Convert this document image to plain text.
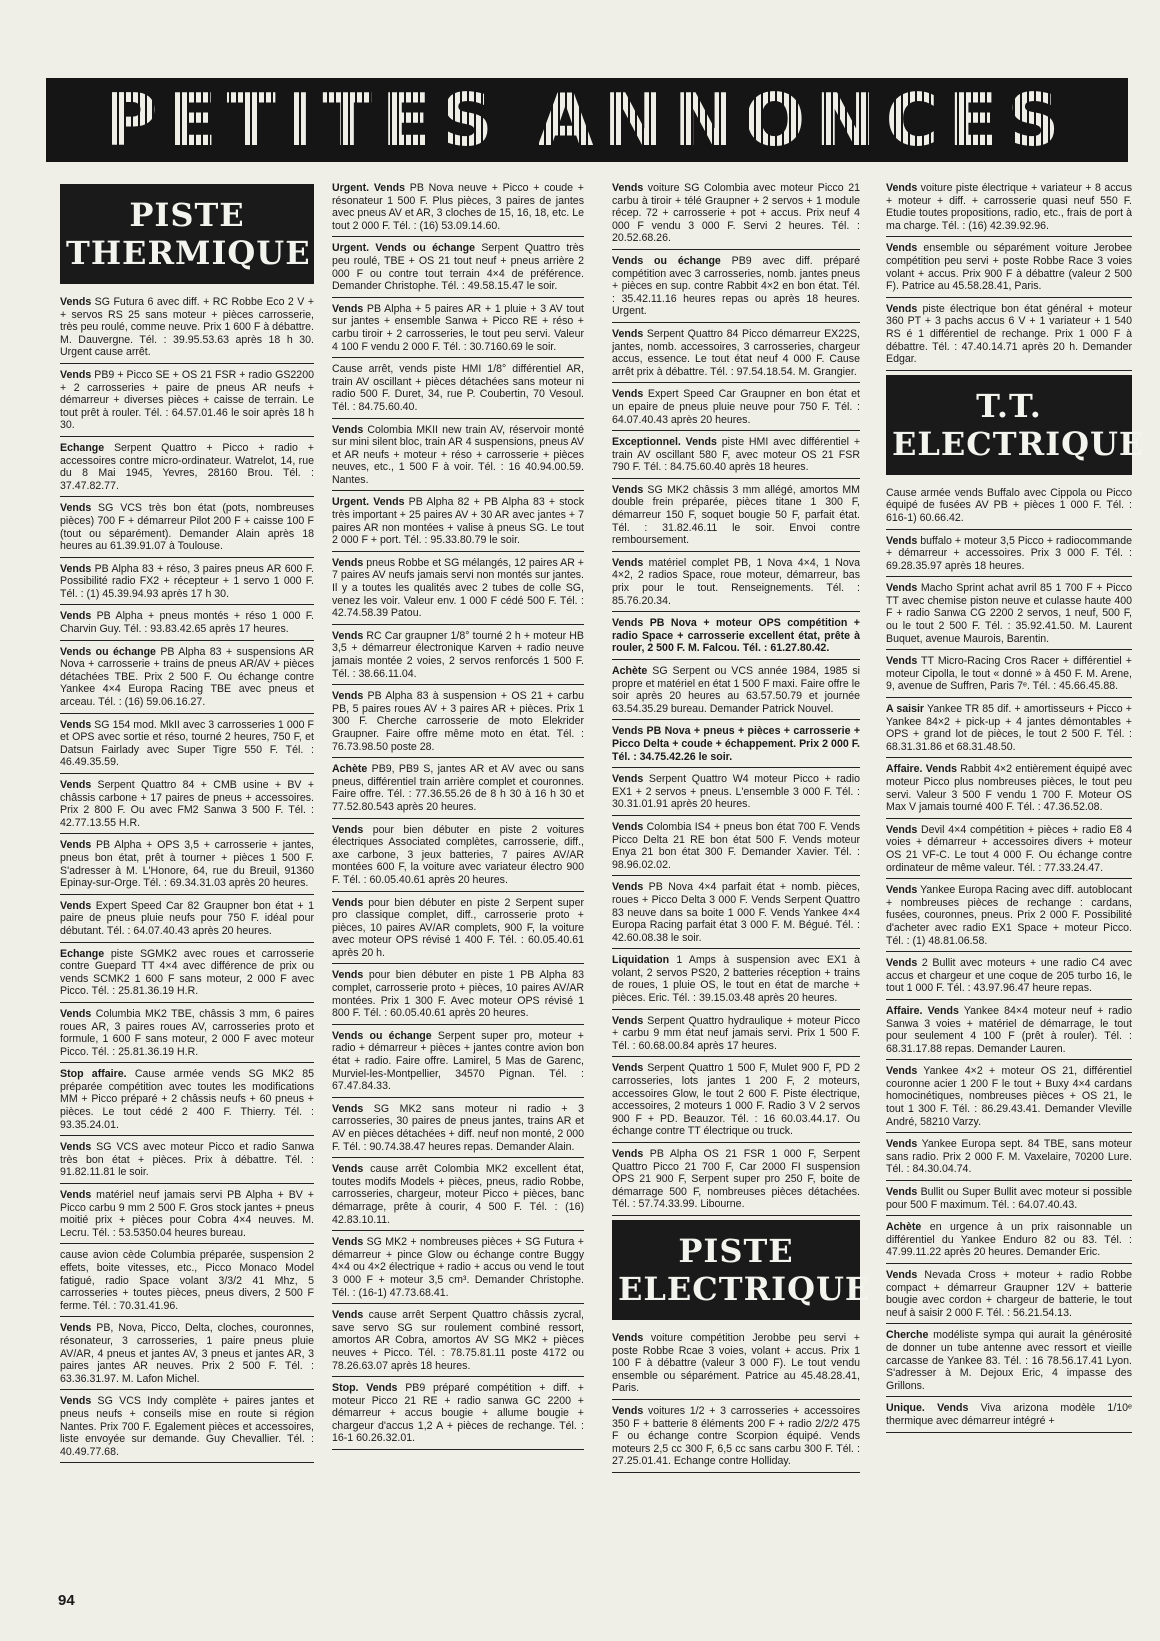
PETITES ANNONCES
PISTE THERMIQUE
Vends SG Futura 6 avec diff. + RC Robbe Eco 2 V + + servos RS 25 sans moteur + pièces carrosserie, très peu roulé, comme neuve. Prix 1 600 F à débattre. M. Dauvergne. Tél. : 39.95.53.63 après 18 h 30. Urgent cause arrêt.
Vends PB9 + Picco SE + OS 21 FSR + radio GS2200 + 2 carrosseries + paire de pneus AR neufs + démarreur + diverses pièces + caisse de terrain. Le tout prêt à rouler. Tél. : 64.57.01.46 le soir après 18 h 30.
Echange Serpent Quattro + Picco + radio + accessoires contre micro-ordinateur. Watrelot, 14, rue du 8 Mai 1945, Yevres, 28160 Brou. Tél. : 37.47.82.77.
Vends SG VCS très bon état (pots, nombreuses pièces) 700 F + démarreur Pilot 200 F + caisse 100 F (tout ou séparément). Demander Alain après 18 heures au 61.39.91.07 à Toulouse.
Vends PB Alpha 83 + réso, 3 paires pneus AR 600 F. Possibilité radio FX2 + récepteur + 1 servo 1 000 F. Tél. : (1) 45.39.94.93 après 17 h 30.
Vends PB Alpha + pneus montés + réso 1 000 F. Charvin Guy. Tél. : 93.83.42.65 après 17 heures.
Vends ou échange PB Alpha 83 + suspensions AR Nova + carrosserie + trains de pneus AR/AV + pièces détachées TBE. Prix 2 500 F. Ou échange contre Yankee 4×4 Europa Racing TBE avec pneus et arceau. Tél. : (16) 59.06.16.27.
Vends SG 154 mod. MkII avec 3 carrosseries 1 000 F et OPS avec sortie et réso, tourné 2 heures, 750 F, et Datsun Fairlady avec Super Tigre 550 F. Tél. : 46.49.35.59.
Vends Serpent Quattro 84 + CMB usine + BV + châssis carbone + 17 paires de pneus + accessoires. Prix 2 800 F. Ou avec FM2 Sanwa 3 500 F. Tél. : 42.77.13.55 H.R.
Vends PB Alpha + OPS 3,5 + carrosserie + jantes, pneus bon état, prêt à tourner + pièces 1 500 F. S'adresser à M. L'Honore, 64, rue du Breuil, 91360 Epinay-sur-Orge. Tél. : 69.34.31.03 après 20 heures.
Vends Expert Speed Car 82 Graupner bon état + 1 paire de pneus pluie neufs pour 750 F. idéal pour débutant. Tél. : 64.07.40.43 après 20 heures.
Echange piste SGMK2 avec roues et carrosserie contre Guepard TT 4×4 avec différence de prix ou vends SCMK2 1 600 F sans moteur, 2 000 F avec Picco. Tél. : 25.81.36.19 H.R.
Vends Columbia MK2 TBE, châssis 3 mm, 6 paires roues AR, 3 paires roues AV, carrosseries proto et formule, 1 600 F sans moteur, 2 000 F avec moteur Picco. Tél. : 25.81.36.19 H.R.
Stop affaire. Cause armée vends SG MK2 85 préparée compétition avec toutes les modifications MM + Picco préparé + 2 châssis neufs + 60 pneus + pièces. Le tout cédé 2 400 F. Thierry. Tél. : 93.35.24.01.
Vends SG VCS avec moteur Picco et radio Sanwa très bon état + pièces. Prix à débattre. Tél. : 91.82.11.81 le soir.
Vends matériel neuf jamais servi PB Alpha + BV + Picco carbu 9 mm 2 500 F. Gros stock jantes + pneus moitié prix + pièces pour Cobra 4×4 neuves. M. Lecru. Tél. : 53.5350.04 heures bureau.
cause avion cède Columbia préparée, suspension 2 effets, boite vitesses, etc., Picco Monaco Model fatigué, radio Space volant 3/3/2 41 Mhz, 5 carrosseries + toutes pièces, pneus divers, 2 500 F ferme. Tél. : 70.31.41.96.
Vends PB, Nova, Picco, Delta, cloches, couronnes, résonateur, 3 carrosseries, 1 paire pneus pluie AV/AR, 4 pneus et jantes AV, 3 pneus et jantes AR, 3 paires jantes AR neuves. Prix 2 500 F. Tél. : 63.36.31.97. M. Lafon Michel.
Vends SG VCS Indy complète + paires jantes et pneus neufs + conseils mise en route si région Nantes. Prix 700 F. Egalement pièces et accessoires, liste envoyée sur demande. Guy Chevallier. Tél. : 40.49.77.68.
Urgent. Vends PB Nova neuve + Picco + coude + résonateur 1 500 F. Plus pièces, 3 paires de jantes avec pneus AV et AR, 3 cloches de 15, 16, 18, etc. Le tout 2 000 F. Tél. : (16) 53.09.14.60.
Urgent. Vends ou échange Serpent Quattro très peu roulé, TBE + OS 21 tout neuf + pneus arrière 2 000 F ou contre tout terrain 4×4 de préférence. Demander Christophe. Tél. : 49.58.15.47 le soir.
Vends PB Alpha + 5 paires AR + 1 pluie + 3 AV tout sur jantes + ensemble Sanwa + Picco RE + réso + carbu tiroir + 2 carrosseries, le tout peu servi. Valeur 4 100 F vendu 2 000 F. Tél. : 30.7160.69 le soir.
Cause arrêt, vends piste HMI 1/8° différentiel AR, train AV oscillant + pièces détachées sans moteur ni radio 500 F. Duret, 34, rue P. Coubertin, 70 Vesoul. Tél. : 84.75.60.40.
Vends Colombia MKII new train AV, réservoir monté sur mini silent bloc, train AR 4 suspensions, pneus AV et AR neufs + moteur + réso + carrosserie + pièces neuves, etc., 1 500 F à voir. Tél. : 16 40.94.00.59. Nantes.
Urgent. Vends PB Alpha 82 + PB Alpha 83 + stock très important + 25 paires AV + 30 AR avec jantes + 7 paires AR non montées + valise à pneus SG. Le tout 2 000 F + port. Tél. : 95.33.80.79 le soir.
Vends pneus Robbe et SG mélangés, 12 paires AR + 7 paires AV neufs jamais servi non montés sur jantes. Il y a toutes les qualités avec 2 tubes de colle SG, venez les voir. Valeur env. 1 000 F cédé 500 F. Tél. : 42.74.58.39 Patou.
Vends RC Car graupner 1/8° tourné 2 h + moteur HB 3,5 + démarreur électronique Karven + radio neuve jamais montée 2 voies, 2 servos renforcés 1 500 F. Tél. : 38.66.11.04.
Vends PB Alpha 83 à suspension + OS 21 + carbu PB, 5 paires roues AV + 3 paires AR + pièces. Prix 1 300 F. Cherche carrosserie de moto Elekrider Graupner. Faire offre même moto en état. Tél. : 76.73.98.50 poste 28.
Achète PB9, PB9 S, jantes AR et AV avec ou sans pneus, différentiel train arrière complet et couronnes. Faire offre. Tél. : 77.36.55.26 de 8 h 30 à 16 h 30 et 77.52.80.543 après 20 heures.
Vends pour bien débuter en piste 2 voitures électriques Associated complètes, carrosserie, diff., axe carbone, 3 jeux batteries, 7 paires AV/AR montées 600 F, la voiture avec variateur électro 900 F. Tél. : 60.05.40.61 après 20 heures.
Vends pour bien débuter en piste 2 Serpent super pro classique complet, diff., carrosserie proto + pièces, 10 paires AV/AR complets, 900 F, la voiture avec moteur OPS révisé 1 400 F. Tél. : 60.05.40.61 après 20 h.
Vends pour bien débuter en piste 1 PB Alpha 83 complet, carrosserie proto + pièces, 10 paires AV/AR montées. Prix 1 300 F. Avec moteur OPS révisé 1 800 F. Tél. : 60.05.40.61 après 20 heures.
Vends ou échange Serpent super pro, moteur + radio + démarreur + pièces + jantes contre avion bon état + radio. Faire offre. Lamirel, 5 Mas de Garenc, Murviel-les-Montpellier, 34570 Pignan. Tél. : 67.47.84.33.
Vends SG MK2 sans moteur ni radio + 3 carrosseries, 30 paires de pneus jantes, trains AR et AV en pièces détachées + diff. neuf non monté, 2 000 F. Tél. : 90.74.38.47 heures repas. Demander Alain.
Vends cause arrêt Colombia MK2 excellent état, toutes modifs Models + pièces, pneus, radio Robbe, carrosseries, chargeur, moteur Picco + pièces, banc démarrage, prête à courir, 4 500 F. Tél. : (16) 42.83.10.11.
Vends SG MK2 + nombreuses pièces + SG Futura + démarreur + pince Glow ou échange contre Buggy 4×4 ou 4×2 électrique + radio + accus ou vend le tout 3 000 F + moteur 3,5 cm³. Demander Christophe. Tél. : (16-1) 47.73.68.41.
Vends cause arrêt Serpent Quattro châssis zycral, save servo SG sur roulement combiné ressort, amortos AR Cobra, amortos AV SG MK2 + pièces neuves + Picco. Tél. : 78.75.81.11 poste 4172 ou 78.26.63.07 après 18 heures.
Stop. Vends PB9 préparé compétition + diff. + moteur Picco 21 RE + radio sanwa GC 2200 + démarreur + accus bougie + allume bougie + chargeur d'accus 1,2 A + pièces de rechange. Tél. : 16-1 60.26.32.01.
Vends voiture SG Colombia avec moteur Picco 21 carbu à tiroir + télé Graupner + 2 servos + 1 module récep. 72 + carrosserie + pot + accus. Prix neuf 4 000 F vendu 3 000 F. Servi 2 heures. Tél. : 20.52.68.26.
Vends ou échange PB9 avec diff. préparé compétition avec 3 carrosseries, nomb. jantes pneus + pièces en sup. contre Rabbit 4×2 en bon état. Tél. : 35.42.11.16 heures repas ou après 18 heures. Urgent.
Vends Serpent Quattro 84 Picco démarreur EX22S, jantes, nomb. accessoires, 3 carrosseries, chargeur accus, essence. Le tout état neuf 4 000 F. Cause arrêt prix à débattre. Tél. : 97.54.18.54. M. Grangier.
Vends Expert Speed Car Graupner en bon état et un epaire de pneus pluie neuve pour 750 F. Tél. : 64.07.40.43 après 20 heures.
Exceptionnel. Vends piste HMI avec différentiel + train AV oscillant 580 F, avec moteur OS 21 FSR 790 F. Tél. : 84.75.60.40 après 18 heures.
Vends SG MK2 châssis 3 mm allégé, amortos MM double frein préparée, pièces titane 1 300 F, démarreur 150 F, soquet bougie 50 F, parfait état. Tél. : 31.82.46.11 le soir. Envoi contre remboursement.
Vends matériel complet PB, 1 Nova 4×4, 1 Nova 4×2, 2 radios Space, roue moteur, démarreur, bas prix pour le tout. Renseignements. Tél. : 85.76.20.34.
Vends PB Nova + moteur OPS compétition + radio Space + carrosserie excellent état, prête à rouler, 2 500 F. M. Falcou. Tél. : 61.27.80.42.
Achète SG Serpent ou VCS année 1984, 1985 si propre et matériel en état 1 500 F maxi. Faire offre le soir après 20 heures au 63.57.50.79 et journée 63.54.35.29 bureau. Demander Patrick Nouvel.
Vends PB Nova + pneus + pièces + carrosserie + Picco Delta + coude + échappement. Prix 2 000 F. Tél. : 34.75.42.26 le soir.
Vends Serpent Quattro W4 moteur Picco + radio EX1 + 2 servos + pneus. L'ensemble 3 000 F. Tél. : 30.31.01.91 après 20 heures.
Vends Colombia IS4 + pneus bon état 700 F. Vends Picco Delta 21 RE bon état 500 F. Vends moteur Enya 21 bon état 300 F. Demander Xavier. Tél. : 98.96.02.02.
Vends PB Nova 4×4 parfait état + nomb. pièces, roues + Picco Delta 3 000 F. Vends Serpent Quattro 83 neuve dans sa boite 1 000 F. Vends Yankee 4×4 Europa Racing parfait état 3 000 F. M. Bégué. Tél. : 42.60.08.38 le soir.
Liquidation 1 Amps à suspension avec EX1 à volant, 2 servos PS20, 2 batteries réception + trains de roues, 1 pluie OS, le tout en état de marche + pièces. Eric. Tél. : 39.15.03.48 après 20 heures.
Vends Serpent Quattro hydraulique + moteur Picco + carbu 9 mm état neuf jamais servi. Prix 1 500 F. Tél. : 60.68.00.84 après 17 heures.
Vends Serpent Quattro 1 500 F, Mulet 900 F, PD 2 carrosseries, lots jantes 1 200 F, 2 moteurs, accessoires Glow, le tout 2 600 F. Piste électrique, accessoires, 2 moteurs 1 000 F. Radio 3 V 2 servos 900 F + PD. Beauzor. Tél. : 16 60.03.44.17. Ou échange contre TT électrique ou truck.
Vends PB Alpha OS 21 FSR 1 000 F, Serpent Quattro Picco 21 700 F, Car 2000 FI suspension OPS 21 900 F, Serpent super pro 250 F, boite de démarrage 500 F, nombreuses pièces détachées. Tél. : 57.74.33.99. Libourne.
PISTE ELECTRIQUE
Vends voiture compétition Jerobbe peu servi + poste Robbe Rcae 3 voies, volant + accus. Prix 1 100 F à débattre (valeur 3 000 F). Le tout vendu ensemble ou séparément. Patrice au 45.48.28.41, Paris.
Vends voitures 1/2 + 3 carrosseries + accessoires 350 F + batterie 8 éléments 200 F + radio 2/2/2 475 F ou échange contre Scorpion équipé. Vends moteurs 2,5 cc 300 F, 6,5 cc sans carbu 300 F. Tél. : 27.25.01.41. Echange contre Holliday.
Vends voiture piste électrique + variateur + 8 accus + moteur + diff. + carrosserie quasi neuf 550 F. Etudie toutes propositions, radio, etc., frais de port à ma charge. Tél. : (16) 42.39.92.96.
Vends ensemble ou séparément voiture Jerobee compétition peu servi + poste Robbe Race 3 voies volant + accus. Prix 900 F à débattre (valeur 2 500 F). Patrice au 45.58.28.41, Paris.
Vends piste électrique bon état général + moteur 360 PT + 3 pachs accus 6 V + 1 variateur + 1 540 RS é 1 différentiel de rechange. Prix 1 000 F à débattre. Tél. : 47.40.14.71 après 20 h. Demander Edgar.
T.T. ELECTRIQUE
Cause armée vends Buffalo avec Cippola ou Picco équipé de fusées AV PB + pièces 1 000 F. Tél. : 616-1) 60.66.42.
Vends buffalo + moteur 3,5 Picco + radiocommande + démarreur + accessoires. Prix 3 000 F. Tél. : 69.28.35.97 après 18 heures.
Vends Macho Sprint achat avril 85 1 700 F + Picco TT avec chemise piston neuve et culasse haute 400 F + radio Sanwa CG 2200 2 servos, 1 neuf, 500 F, ou le tout 2 500 F. Tél. : 35.92.41.50. M. Laurent Buquet, avenue Maurois, Barentin.
Vends TT Micro-Racing Cros Racer + différentiel + moteur Cipolla, le tout « donné » à 450 F. M. Arene, 9, avenue de Suffren, Paris 7ᵉ. Tél. : 45.66.45.88.
A saisir Yankee TR 85 dif. + amortisseurs + Picco + Yankee 84×2 + pick-up + 4 jantes démontables + OPS + grand lot de pièces, le tout 2 500 F. Tél. : 68.31.31.86 et 68.31.48.50.
Affaire. Vends Rabbit 4×2 entièrement équipé avec moteur Picco plus nombreuses pièces, le tout peu servi. Valeur 3 500 F vendu 1 700 F. Moteur OS Max V jamais tourné 400 F. Tél. : 47.36.52.08.
Vends Devil 4×4 compétition + pièces + radio E8 4 voies + démarreur + accessoires divers + moteur OS 21 VF-C. Le tout 4 000 F. Ou échange contre ordinateur de même valeur. Tél. : 77.33.24.47.
Vends Yankee Europa Racing avec diff. autoblocant + nombreuses pièces de rechange : cardans, fusées, couronnes, pneus. Prix 2 000 F. Possibilité d'acheter avec radio EX1 Space + moteur Picco. Tél. : (1) 48.81.06.58.
Vends 2 Bullit avec moteurs + une radio C4 avec accus et chargeur et une coque de 205 turbo 16, le tout 1 000 F. Tél. : 43.97.96.47 heure repas.
Affaire. Vends Yankee 84×4 moteur neuf + radio Sanwa 3 voies + matériel de démarrage, le tout pour seulement 4 100 F (prêt à rouler). Tél. : 68.31.17.88 repas. Demander Lauren.
Vends Yankee 4×2 + moteur OS 21, différentiel couronne acier 1 200 F le tout + Buxy 4×4 cardans homocinétiques, nombreuses pièces + OS 21, le tout 1 300 F. Tél. : 86.29.43.41. Demander Vleville André, 58210 Varzy.
Vends Yankee Europa sept. 84 TBE, sans moteur sans radio. Prix 2 000 F. M. Vaxelaire, 70200 Lure. Tél. : 84.30.04.74.
Vends Bullit ou Super Bullit avec moteur si possible pour 500 F maximum. Tél. : 64.07.40.43.
Achète en urgence à un prix raisonnable un différentiel du Yankee Enduro 82 ou 83. Tél. : 47.99.11.22 après 20 heures. Demander Eric.
Vends Nevada Cross + moteur + radio Robbe compact + démarreur Graupner 12V + batterie bougie avec cordon + chargeur de batterie, le tout neuf à saisir 2 000 F. Tél. : 56.21.54.13.
Cherche modéliste sympa qui aurait la générosité de donner un tube antenne avec ressort et vieille carcasse de Yankee 83. Tél. : 16 78.56.17.41 Lyon. S'adresser à M. Dejoux Eric, 4 impasse des Grillons.
Unique. Vends Viva arizona modèle 1/10ᵉ thermique avec démarreur intégré +
94
